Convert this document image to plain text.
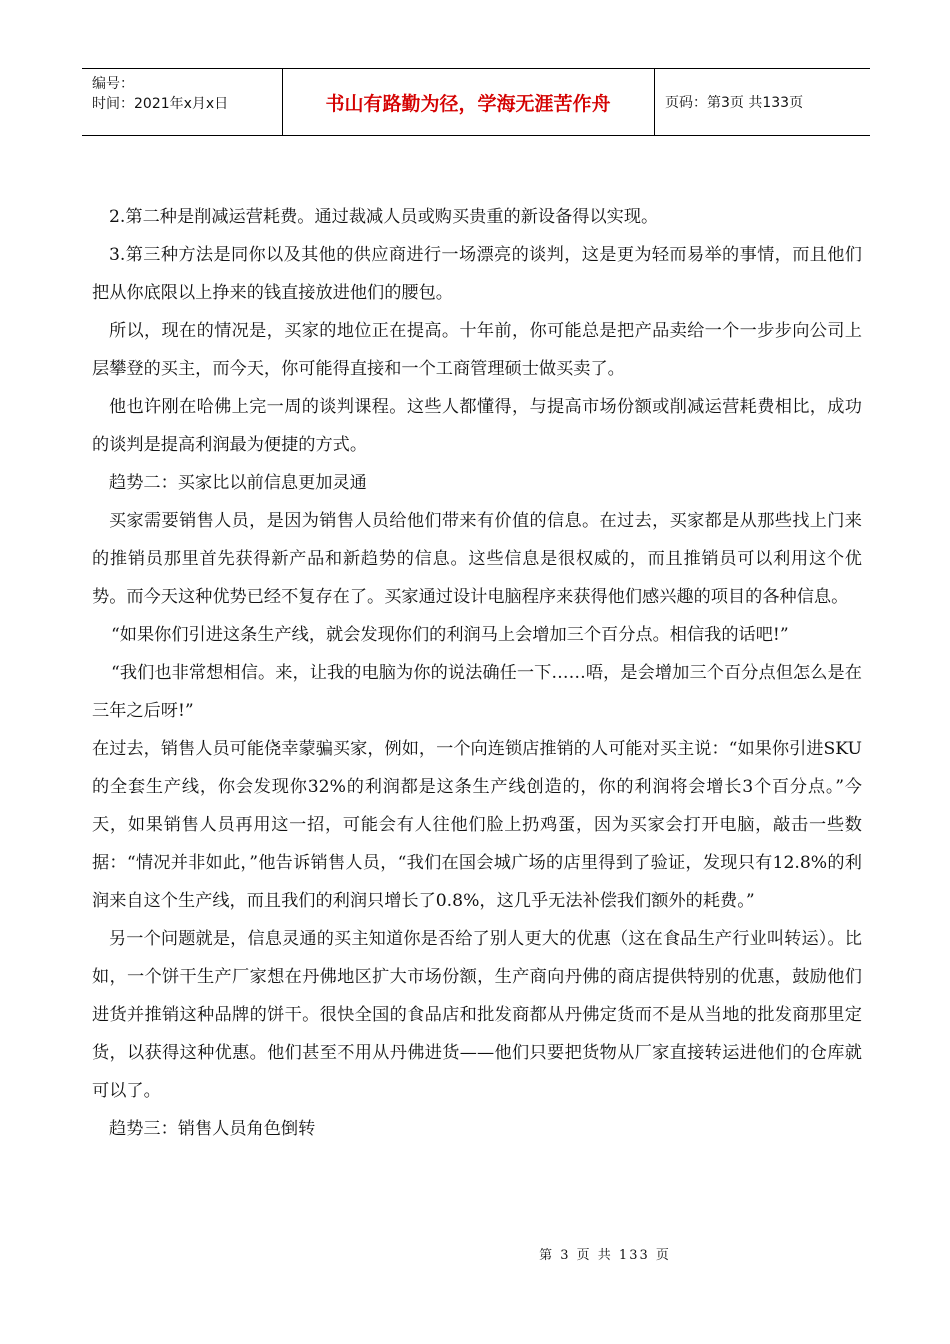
编号：
时间：2021年x月x日	书山有路勤为径，学海无涯苦作舟	页码：第3页 共133页

2.第二种是削减运营耗费。通过裁减人员或购买贵重的新设备得以实现。

3.第三种方法是同你以及其他的供应商进行一场漂亮的谈判，这是更为轻而易举的事情，而且他们把从你底限以上挣来的钱直接放进他们的腰包。

所以，现在的情况是，买家的地位正在提高。十年前，你可能总是把产品卖给一个一步步向公司上层攀登的买主，而今天，你可能得直接和一个工商管理硕士做买卖了。

他也许刚在哈佛上完一周的谈判课程。这些人都懂得，与提高市场份额或削减运营耗费相比，成功的谈判是提高利润最为便捷的方式。

趋势二：买家比以前信息更加灵通

买家需要销售人员，是因为销售人员给他们带来有价值的信息。在过去，买家都是从那些找上门来的推销员那里首先获得新产品和新趋势的信息。这些信息是很权威的，而且推销员可以利用这个优势。而今天这种优势已经不复存在了。买家通过设计电脑程序来获得他们感兴趣的项目的各种信息。

“如果你们引进这条生产线，就会发现你们的利润马上会增加三个百分点。相信我的话吧!”

“我们也非常想相信。来，让我的电脑为你的说法确任一下……唔，是会增加三个百分点但怎么是在三年之后呀!”

在过去，销售人员可能侥幸蒙骗买家，例如，一个向连锁店推销的人可能对买主说：“如果你引进SKU的全套生产线，你会发现你32%的利润都是这条生产线创造的，你的利润将会增长3个百分点。”今天，如果销售人员再用这一招，可能会有人往他们脸上扔鸡蛋，因为买家会打开电脑，敲击一些数据：“情况并非如此，”他告诉销售人员，“我们在国会城广场的店里得到了验证，发现只有12.8%的利润来自这个生产线，而且我们的利润只增长了0.8%，这几乎无法补偿我们额外的耗费。”

另一个问题就是，信息灵通的买主知道你是否给了别人更大的优惠（这在食品生产行业叫转运）。比如，一个饼干生产厂家想在丹佛地区扩大市场份额，生产商向丹佛的商店提供特别的优惠，鼓励他们进货并推销这种品牌的饼干。很快全国的食品店和批发商都从丹佛定货而不是从当地的批发商那里定货，以获得这种优惠。他们甚至不用从丹佛进货——他们只要把货物从厂家直接转运进他们的仓库就可以了。

趋势三：销售人员角色倒转

第 3 页 共 133 页
